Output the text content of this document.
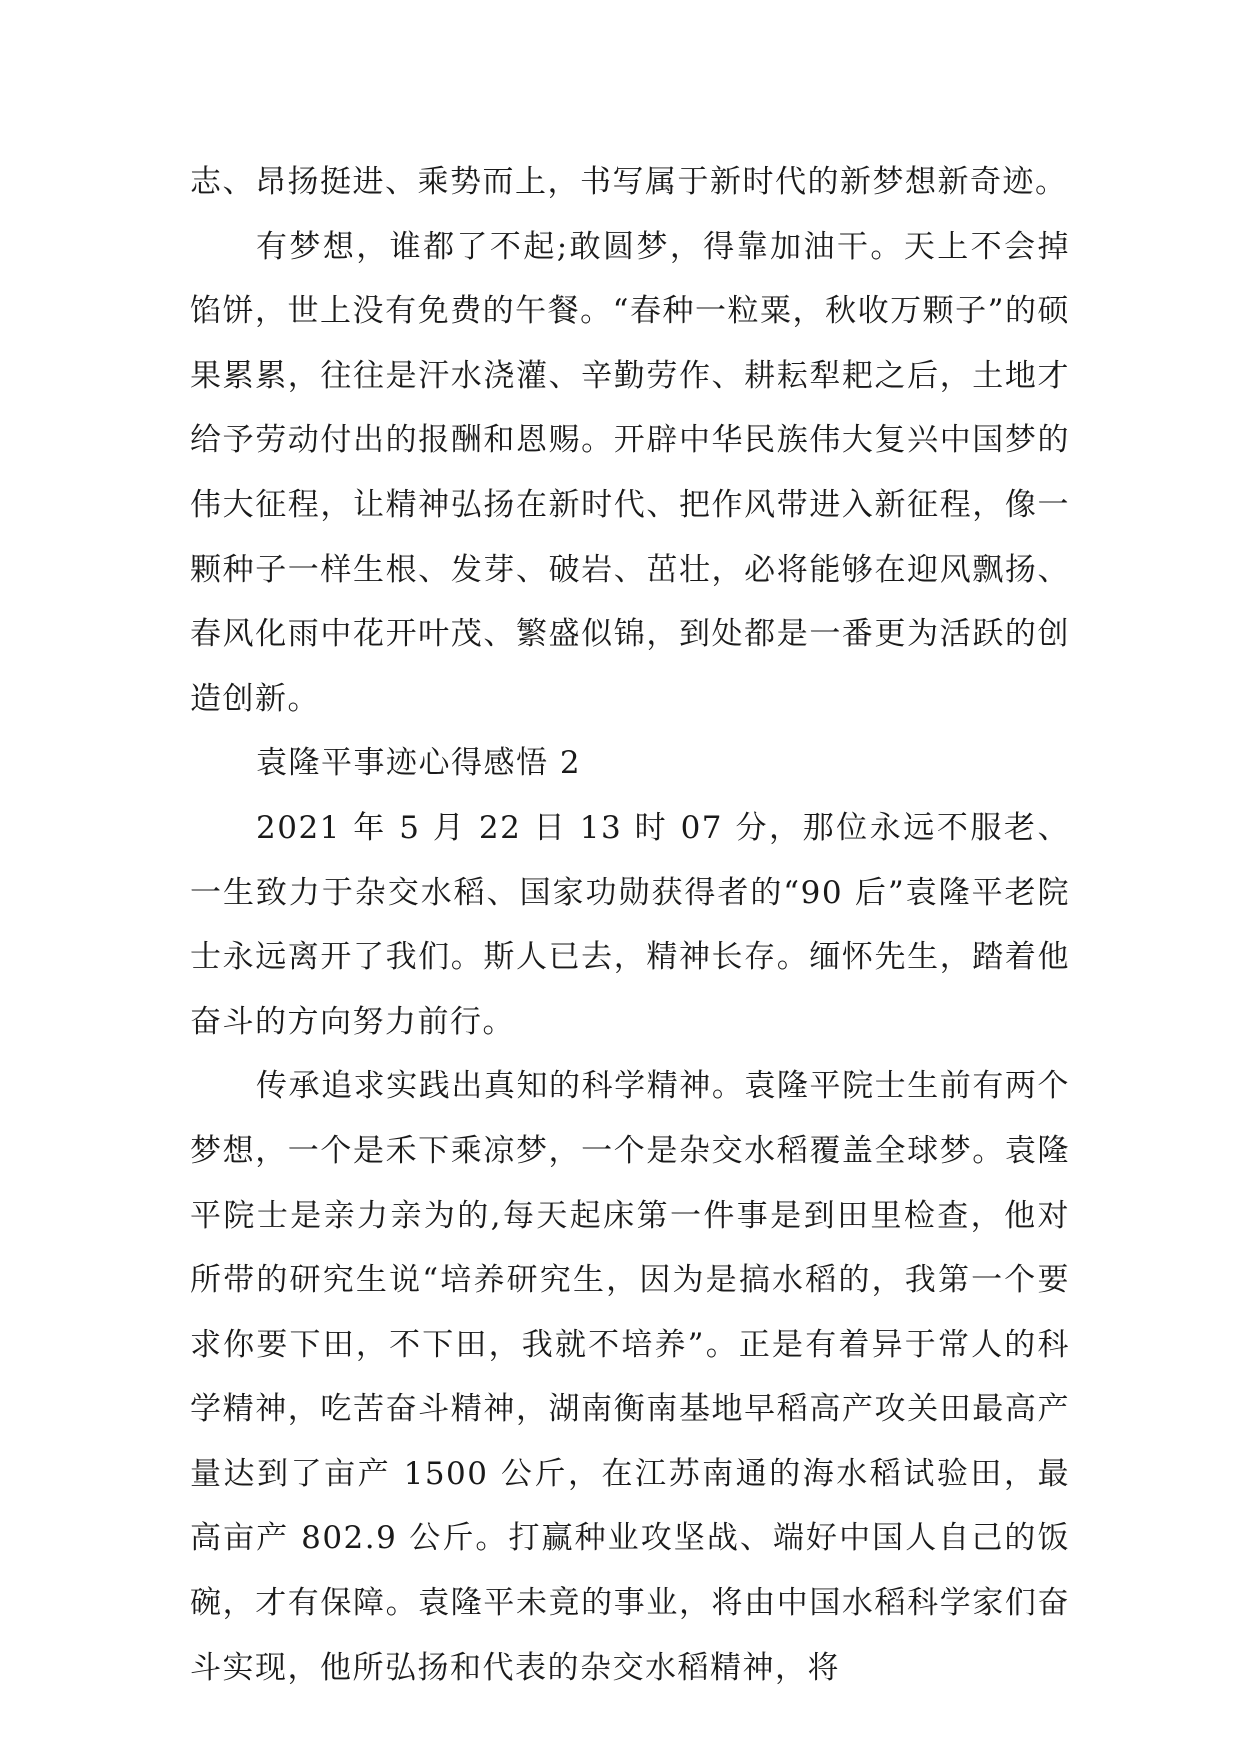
志、昂扬挺进、乘势而上，书写属于新时代的新梦想新奇迹。

有梦想，谁都了不起;敢圆梦，得靠加油干。天上不会掉馅饼，世上没有免费的午餐。“春种一粒粟，秋收万颗子”的硕果累累，往往是汗水浇灌、辛勤劳作、耕耘犁耙之后，土地才给予劳动付出的报酬和恩赐。开辟中华民族伟大复兴中国梦的伟大征程，让精神弘扬在新时代、把作风带进入新征程，像一颗种子一样生根、发芽、破岩、茁壮，必将能够在迎风飘扬、春风化雨中花开叶茂、繁盛似锦，到处都是一番更为活跃的创造创新。

袁隆平事迹心得感悟 2

2021 年 5 月 22 日 13 时 07 分，那位永远不服老、一生致力于杂交水稻、国家功勋获得者的“90 后”袁隆平老院士永远离开了我们。斯人已去，精神长存。缅怀先生，踏着他奋斗的方向努力前行。

传承追求实践出真知的科学精神。袁隆平院士生前有两个梦想，一个是禾下乘凉梦，一个是杂交水稻覆盖全球梦。袁隆平院士是亲力亲为的,每天起床第一件事是到田里检查，他对所带的研究生说“培养研究生，因为是搞水稻的，我第一个要求你要下田，不下田，我就不培养”。正是有着异于常人的科学精神，吃苦奋斗精神，湖南衡南基地早稻高产攻关田最高产量达到了亩产 1500 公斤，在江苏南通的海水稻试验田，最高亩产 802.9 公斤。打赢种业攻坚战、端好中国人自己的饭碗，才有保障。袁隆平未竟的事业，将由中国水稻科学家们奋斗实现，他所弘扬和代表的杂交水稻精神，将
